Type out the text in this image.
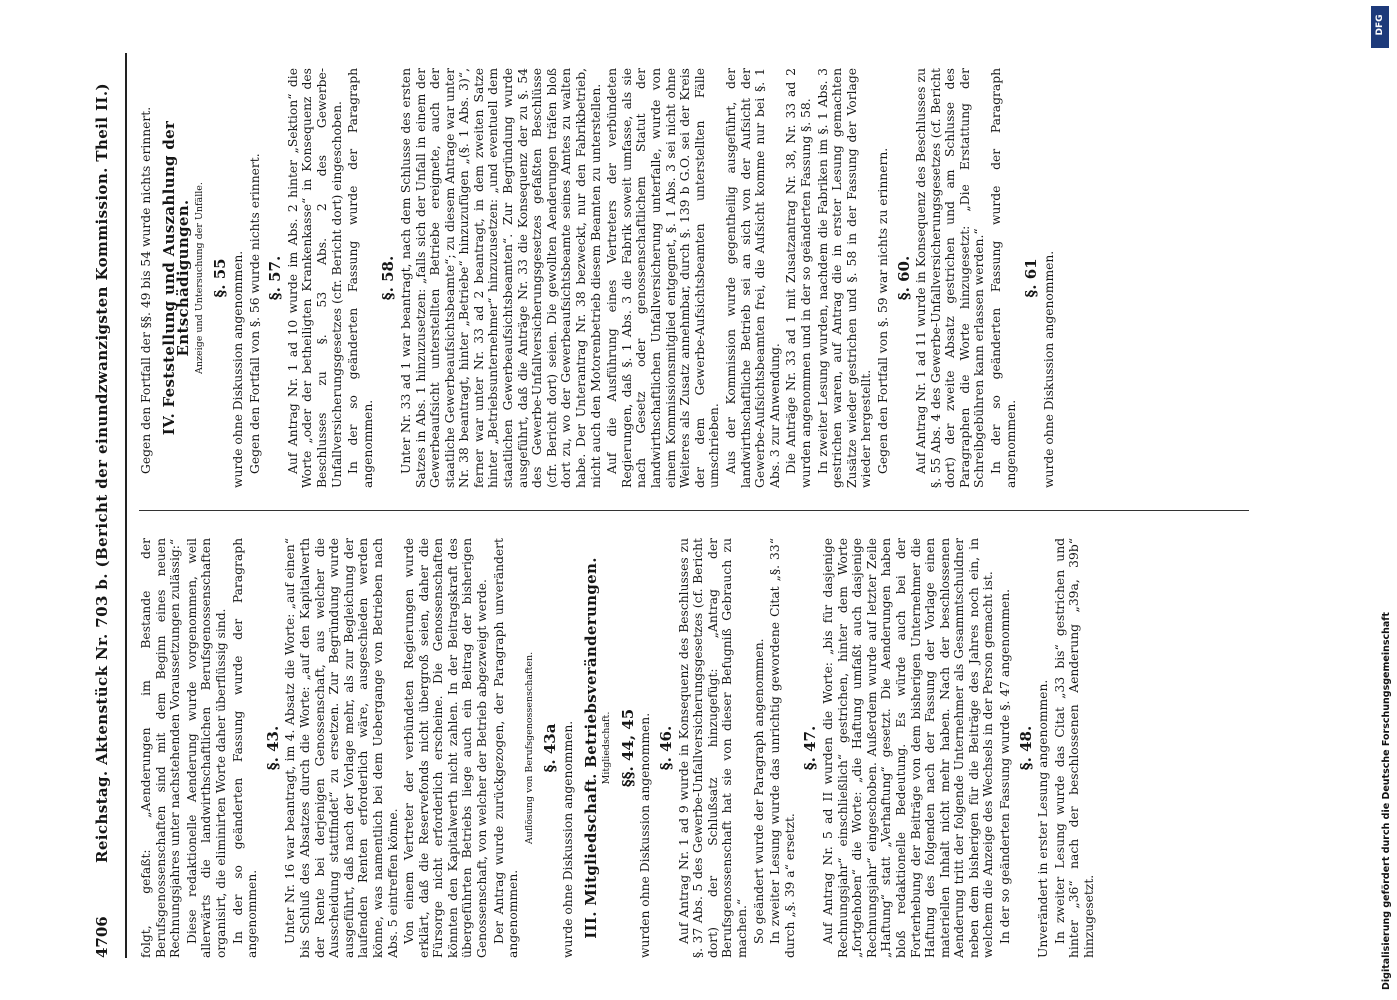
4706
Reichstag. Aktenstück Nr. 703 b. (Bericht der einundzwanzigsten Kommission. Theil II.) folgt, gefaßt: „Aenderungen im Bestande der Berufsgenossenschaften sind mit dem Beginn eines neuen Rechnungsjahres unter nachstehenden Voraussetzungen zulässig:“ Diese redaktionelle Aenderung wurde vorgenommen, weil allerwärts die landwirthschaftlichen Berufsgenossenschaften organisirt, die eliminirten Worte daher überflüssig sind. In der so geänderten Fassung wurde der Paragraph angenommen.

§. 43. Unter Nr. 16 war beantragt, im 4. Absatz die Worte: „auf einen“ bis Schluß des Absatzes durch die Worte: „auf den Kapitalwerth der Rente bei derjenigen Genossenschaft, aus welcher die Ausscheidung stattfindet“ zu ersetzen. Zur Begründung wurde ausgeführt, daß nach der Vorlage mehr, als zur Begleichung der laufenden Renten erforderlich wäre, ausgeschieden werden könne, was namentlich bei dem Uebergange von Betrieben nach Abs. 5 eintreffen könne. Von einem Vertreter der verbündeten Regierungen wurde erklärt, daß die Reservefonds nicht übergroß seien, daher die Fürsorge nicht erforderlich erscheine. Die Genossenschaften könnten den Kapitalwerth nicht zahlen. In der Beitragskraft des übergeführten Betriebs liege auch ein Beitrag der bisherigen Genossenschaft, von welcher der Betrieb abgezweigt werde. Der Antrag wurde zurückgezogen, der Paragraph unverändert angenommen.

Auflösung von Berufsgenossenschaften. §. 43a wurde ohne Diskussion angenommen. III. Mitgliedschaft. Betriebsveränderungen. Mitgliedschaft. §§. 44, 45 wurden ohne Diskussion angenommen. §. 46. Auf Antrag Nr. 1 ad 9 wurde in Konsequenz des Beschlusses zu §. 37 Abs. 5 des Gewerbe-Unfallversicherungsgesetzes (cf. Bericht dort) der Schlußsatz hinzugefügt: „Antrag der Berufsgenossenschaft hat sie von dieser Befugniß Gebrauch zu machen.“ So geändert wurde der Paragraph angenommen. In zweiter Lesung wurde das unrichtig gewordene Citat „§. 33“ durch „§. 39 a“ ersetzt.

§. 47. Auf Antrag Nr. 5 ad II wurden die Worte: „bis für dasjenige Rechnungsjahr“ einschließlich“ gestrichen, hinter dem Worte „fortgehoben“ die Worte: „die Haftung umfaßt auch dasjenige Rechnungsjahr“ eingeschoben. Außerdem wurde auf letzter Zeile „Haftung“ statt „Verhaftung“ gesetzt. Die Aenderungen haben bloß redaktionelle Bedeutung. Es würde auch bei der Forterhebung der Beiträge von dem bisherigen Unternehmer die Haftung des folgenden nach der Fassung der Vorlage einen materiellen Inhalt nicht mehr haben. Nach der beschlossenen Aenderung tritt der folgende Unternehmer als Gesammtschuldner neben dem bisherigen für die Beiträge des Jahres noch ein, in welchem die Anzeige des Wechsels in der Person gemacht ist. In der so geänderten Fassung wurde §. 47 angenommen. §. 48. Unverändert in erster Lesung angenommen. In zweiter Lesung wurde das Citat „33 bis“ gestrichen und hinter „36“ nach der beschlossenen Aenderung „39a, 39b“ hinzugesetzt.

Gegen den Fortfall der §§. 49 bis 54 wurde nichts erinnert. IV. Feststellung und Auszahlung der Entschädigungen. Anzeige und Untersuchung der Unfälle. §. 55 wurde ohne Diskussion angenommen. Gegen den Fortfall von §. 56 wurde nichts erinnert. §. 57. Auf Antrag Nr. 1 ad 10 wurde im Abs. 2 hinter „Sektion“ die Worte „oder der betheiligten Krankenkasse“ in Konsequenz des Beschlusses zu §. 53 Abs. 2 des Gewerbe-Unfallversicherungsgesetzes (cfr. Bericht dort) eingeschoben. In der so geänderten Fassung wurde der Paragraph angenommen.

§. 58. Unter Nr. 33 ad 1 war beantragt, nach dem Schlusse des ersten Satzes in Abs. 1 hinzuzusetzen: „falls sich der Unfall in einem der Gewerbeaufsicht unterstellten Betriebe ereignete, auch der staatliche Gewerbeaufsichtsbeamte“; zu diesem Antrage war unter Nr. 38 beantragt, hinter „Betriebe“ hinzuzufügen „(§. 1 Abs. 3)“, ferner war unter Nr. 33 ad 2 beantragt, in dem zweiten Satze hinter „Betriebsunternehmer“ hinzuzusetzen: „und eventuell dem staatlichen Gewerbeaufsichtsbeamten“. Zur Begründung wurde ausgeführt, daß die Anträge Nr. 33 die Konsequenz der zu §. 54 des Gewerbe-Unfallversicherungsgesetzes gefaßten Beschlüsse (cfr. Bericht dort) seien. Die gewollten Aenderungen träfen bloß dort zu, wo der Gewerbeaufsichtsbeamte seines Amtes zu walten habe. Der Unterantrag Nr. 38 bezweckt, nur den Fabrikbetrieb, nicht auch den Motorenbetrieb diesem Beamten zu unterstellen. Auf die Ausführung eines Vertreters der verbündeten Regierungen, daß §. 1 Abs. 3 die Fabrik soweit umfasse, als sie nach Gesetz oder genossenschaftlichem Statut der landwirthschaftlichen Unfallversicherung unterfalle, wurde von einem Kommissionsmitglied entgegnet, §. 1 Abs. 3 sei nicht ohne Weiteres als Zusatz annehmbar, durch §. 139 b G.O. sei der Kreis der dem Gewerbe-Aufsichtsbeamten unterstellten Fälle umschrieben. Aus der Kommission wurde gegentheilig ausgeführt, der landwirthschaftliche Betrieb sei an sich von der Aufsicht der Gewerbe-Aufsichtsbeamten frei, die Aufsicht komme nur bei §. 1 Abs. 3 zur Anwendung. Die Anträge Nr. 33 ad 1 mit Zusatzantrag Nr. 38, Nr. 33 ad 2 wurden angenommen und in der so geänderten Fassung §. 58. In zweiter Lesung wurden, nachdem die Fabriken im §. 1 Abs. 3 gestrichen waren, auf Antrag die in erster Lesung gemachten Zusätze wieder gestrichen und §. 58 in der Fassung der Vorlage wieder hergestellt. Gegen den Fortfall von §. 59 war nichts zu erinnern. §. 60. Auf Antrag Nr. 1 ad 11 wurde in Konsequenz des Beschlusses zu §. 55 Abs. 4 des Gewerbe-Unfallversicherungsgesetzes (cf. Bericht dort) der zweite Absatz gestrichen und am Schlusse des Paragraphen die Worte hinzugesetzt: „Die Erstattung der Schreibgebühren kann erlassen werden.“ In der so geänderten Fassung wurde der Paragraph angenommen.

§. 61 wurde ohne Diskussion angenommen.

Digitalisierung gefördert durch die Deutsche Forschungsgemeinschaft
DFG
